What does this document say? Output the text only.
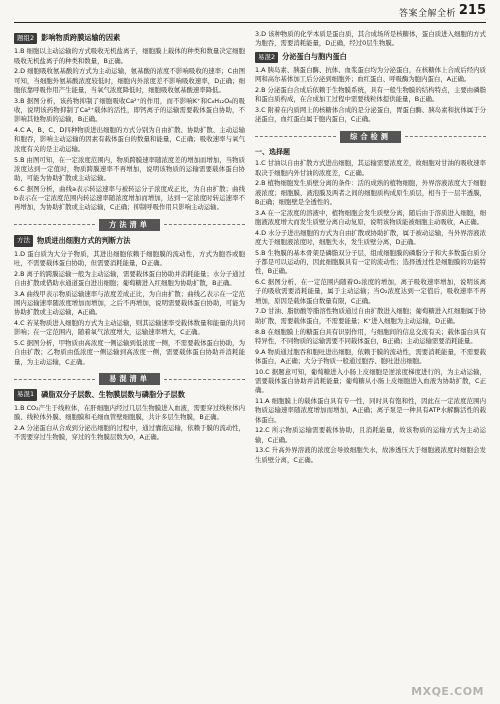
答案全解全析 215
题组2 影响物质跨膜运输的因素

1.B 细胞以主动运输的方式吸收无机盐离子，细胞膜上载体的种类和数量决定细胞吸收无机盐离子的种类和数量，B正确。

2.D 细胞吸收氨基酸的方式为主动运输，氨基酸的浓度不影响吸收的速率；C由图可知，当细胞外氨基酸浓度较低时，细胞内外浓度差不影响吸收速率，D正确；细胞依靠呼吸作用产生能量，当氧气浓度降低时，细胞吸收氨基酸速率降低。

3.B 据图分析，该药物抑制了细胞吸收Ca²⁺的作用，而不影响K⁺和C₆H₁₂O₆的吸收，说明该药物抑制了Ca²⁺载体的活性，即钙离子的运输需要载体蛋白协助，不影响其他物质的运输，B正确。

4.C A、B、C、D四种物质进出细胞的方式分别为自由扩散、协助扩散、主动运输和胞吞，影响主动运输的因素有载体蛋白的数量和能量，C正确；吸收速率与氧气浓度有关的是主动运输。

5.B 由图可知，在一定浓度范围内，物质跨膜速率随浓度差的增加而增加，当物质浓度达到一定值时，物质跨膜速率不再增加，说明该物质的运输需要载体蛋白协助，可能为协助扩散或主动运输。

6.C 据图分析，曲线a表示转运速率与被转运分子浓度成正比，为自由扩散；曲线b表示在一定浓度范围内转运速率随浓度增加而增加，达到一定浓度时转运速率不再增加，为协助扩散或主动运输，C正确；抑制呼吸作用只影响主动运输。

方法清单
方法 物质进出细胞方式的判断方法

1.D 蛋白质为大分子物质，其进出细胞依赖于细胞膜的流动性，方式为胞吞或胞吐，不需要载体蛋白协助，但需要消耗能量，D正确。

2.B 离子的跨膜运输一般为主动运输，需要载体蛋白协助并消耗能量；水分子通过自由扩散或借助水通道蛋白进出细胞；葡萄糖进入红细胞为协助扩散，B正确。

3.A 曲线甲表示物质运输速率与浓度差成正比，为自由扩散；曲线乙表示在一定范围内运输速率随浓度增加而增加，之后不再增加，说明需要载体蛋白协助，可能为协助扩散或主动运输，A正确。

4.C 若某物质进入细胞的方式为主动运输，则其运输速率受载体数量和能量的共同影响；在一定范围内，随着氧气浓度增大，运输速率增大，C正确。

5.C 据图分析，甲物质由高浓度一侧运输到低浓度一侧，不需要载体蛋白协助，为自由扩散；乙物质由低浓度一侧运输到高浓度一侧，需要载体蛋白协助并消耗能量，为主动运输，C正确。

易混清单
易混1 磷脂双分子层数、生物膜层数与磷脂分子层数

1.B CO₂产生于线粒体，在肝细胞内经过几层生物膜进入血液，需要穿过线粒体内膜、线粒体外膜、细胞膜和毛细血管壁细胞膜，共计多层生物膜，B正确。

2.A 分泌蛋白从合成到分泌出细胞的过程中，通过囊泡运输，依赖于膜的流动性，不需要穿过生物膜，穿过的生物膜层数为0，A正确。

3.D 该种物质的化学本质是蛋白质，其合成场所是核糖体，蛋白质进入细胞的方式为胞吞，需要消耗能量，D正确，经过0层生物膜。

易混2 分泌蛋白与胞内蛋白

1.A 胰岛素、胰蛋白酶、抗体、血浆蛋白均为分泌蛋白，在核糖体上合成后经内质网和高尔基体加工后分泌到细胞外；血红蛋白、呼吸酶为胞内蛋白，A正确。

2.B 分泌蛋白合成后依赖于生物膜系统，具有一般生物膜的结构特点，主要由磷脂和蛋白质构成，在合成加工过程中需要线粒体提供能量，B正确。

3.C 附着在内质网上的核糖体合成的是分泌蛋白，胃蛋白酶、胰岛素和抗体属于分泌蛋白，血红蛋白属于胞内蛋白，C正确。

综合检测
一、选择题

1.C 甘油以自由扩散方式进出细胞，其运输需要浓度差，故细胞对甘油的吸收速率取决于细胞内外甘油的浓度差，C正确。

2.B 植物细胞发生质壁分离的条件：活的成熟的植物细胞，外界溶液浓度大于细胞液浓度；细胞膜、液泡膜及两者之间的细胞质构成原生质层，相当于一层半透膜，B正确；细胞壁是全透性的。

3.A 在一定浓度的溶液中，植物细胞会发生质壁分离，随后由于溶质进入细胞，细胞液浓度增大而发生质壁分离自动复原，说明该物质能被细胞主动吸收，A正确。

4.D 水分子进出细胞的方式为自由扩散或协助扩散，属于被动运输，当外界溶液浓度大于细胞液浓度时，细胞失水，发生质壁分离，D正确。

5.B 生物膜的基本骨架是磷脂双分子层，组成细胞膜的磷脂分子和大多数蛋白质分子都是可以运动的，因此细胞膜具有一定的流动性；选择透过性是细胞膜的功能特性，B正确。

6.C 据图分析，在一定范围内随着O₂浓度的增加，离子吸收速率增加，说明该离子的吸收需要消耗能量，属于主动运输；当O₂浓度达到一定值后，吸收速率不再增加，原因是载体蛋白数量有限，C正确。

7.D 甘油、脂肪酸等脂溶性物质通过自由扩散进入细胞；葡萄糖进入红细胞属于协助扩散，需要载体蛋白，不需要能量；K⁺进入细胞为主动运输，D正确。

8.B 在细胞膜上的糖蛋白具有识别作用，与细胞间的信息交流有关；载体蛋白具有特异性，不同物质的运输需要不同载体蛋白，B正确；主动运输需要消耗能量。

9.A 物质通过胞吞和胞吐进出细胞，依赖于膜的流动性，需要消耗能量，不需要载体蛋白，A正确；大分子物质一般通过胞吞、胞吐进出细胞。

10.C 据题意可知，葡萄糖进入小肠上皮细胞是逆浓度梯度进行的，为主动运输，需要载体蛋白协助并消耗能量；葡萄糖从小肠上皮细胞进入血液为协助扩散，C正确。

11.A 细胞膜上的载体蛋白具有专一性，同时具有饱和性，因此在一定浓度范围内物质运输速率随浓度增加而增加，A正确；离子泵是一种具有ATP水解酶活性的载体蛋白。

12.C 所示物质运输需要载体协助，且消耗能量，故该物质的运输方式为主动运输，C正确。

13.C 升高外界溶液的浓度会导致细胞失水，故渗透压大于细胞液浓度时细胞会发生质壁分离，C正确。

MXQE.COM
